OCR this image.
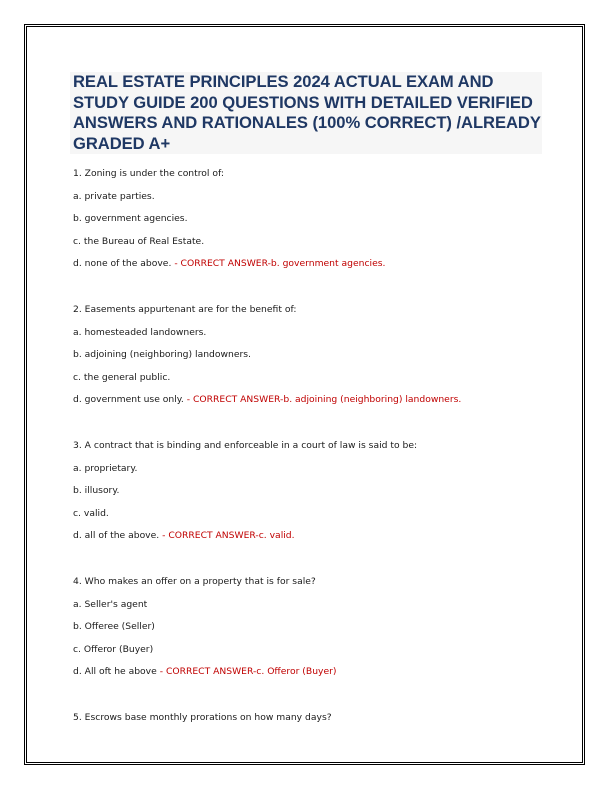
REAL ESTATE PRINCIPLES 2024 ACTUAL EXAM AND STUDY GUIDE 200 QUESTIONS WITH DETAILED VERIFIED ANSWERS AND RATIONALES (100% CORRECT) /ALREADY GRADED A+
1. Zoning is under the control of:
a. private parties.
b. government agencies.
c. the Bureau of Real Estate.
d. none of the above. - CORRECT ANSWER-b. government agencies.
2. Easements appurtenant are for the benefit of:
a. homesteaded landowners.
b. adjoining (neighboring) landowners.
c. the general public.
d. government use only. - CORRECT ANSWER-b. adjoining (neighboring) landowners.
3. A contract that is binding and enforceable in a court of law is said to be:
a. proprietary.
b. illusory.
c. valid.
d. all of the above. - CORRECT ANSWER-c. valid.
4. Who makes an offer on a property that is for sale?
a. Seller's agent
b. Offeree (Seller)
c. Offeror (Buyer)
d. All oft he above - CORRECT ANSWER-c. Offeror (Buyer)
5. Escrows base monthly prorations on how many days?
